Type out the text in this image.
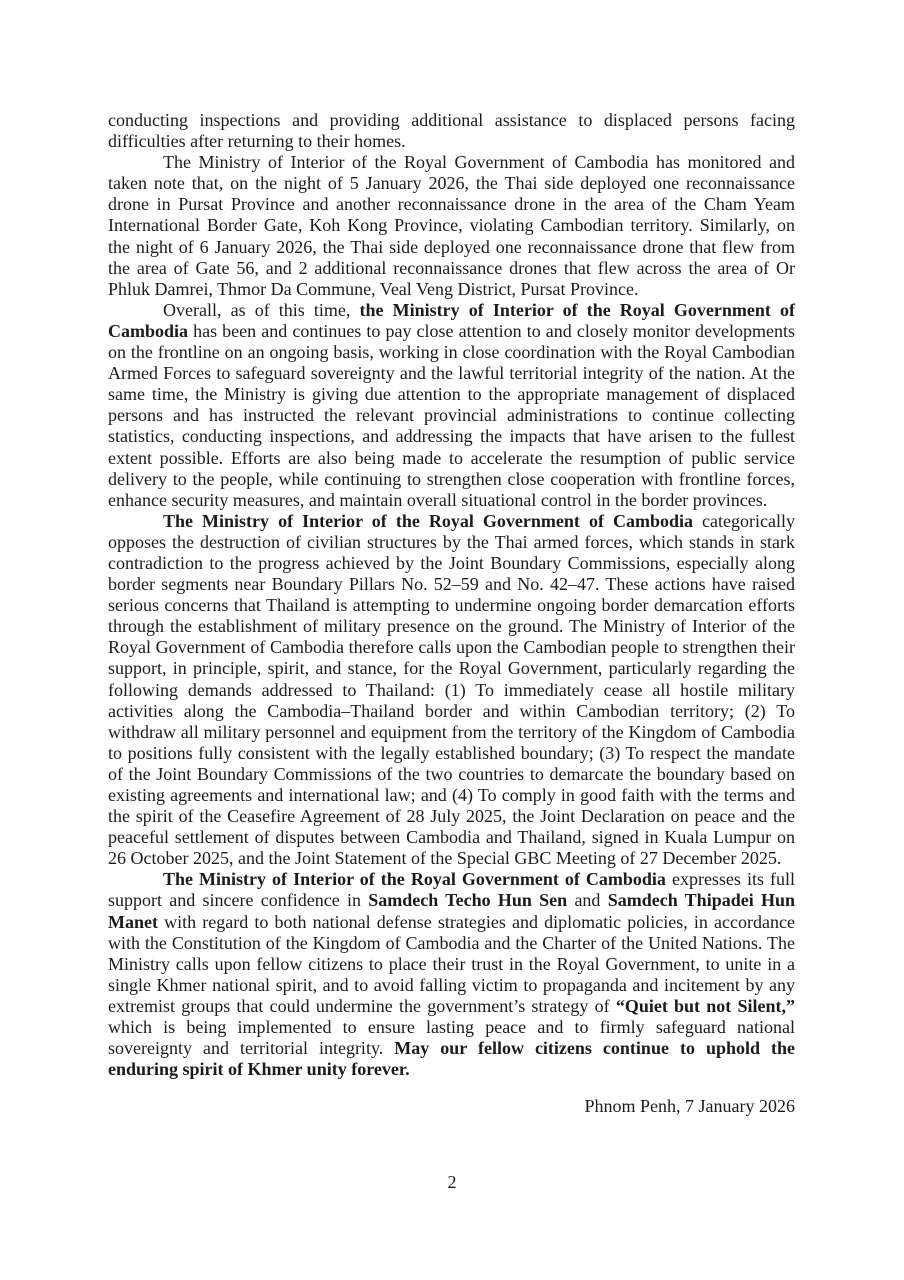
conducting inspections and providing additional assistance to displaced persons facing difficulties after returning to their homes.

The Ministry of Interior of the Royal Government of Cambodia has monitored and taken note that, on the night of 5 January 2026, the Thai side deployed one reconnaissance drone in Pursat Province and another reconnaissance drone in the area of the Cham Yeam International Border Gate, Koh Kong Province, violating Cambodian territory. Similarly, on the night of 6 January 2026, the Thai side deployed one reconnaissance drone that flew from the area of Gate 56, and 2 additional reconnaissance drones that flew across the area of Or Phluk Damrei, Thmor Da Commune, Veal Veng District, Pursat Province.

Overall, as of this time, the Ministry of Interior of the Royal Government of Cambodia has been and continues to pay close attention to and closely monitor developments on the frontline on an ongoing basis, working in close coordination with the Royal Cambodian Armed Forces to safeguard sovereignty and the lawful territorial integrity of the nation. At the same time, the Ministry is giving due attention to the appropriate management of displaced persons and has instructed the relevant provincial administrations to continue collecting statistics, conducting inspections, and addressing the impacts that have arisen to the fullest extent possible. Efforts are also being made to accelerate the resumption of public service delivery to the people, while continuing to strengthen close cooperation with frontline forces, enhance security measures, and maintain overall situational control in the border provinces.

The Ministry of Interior of the Royal Government of Cambodia categorically opposes the destruction of civilian structures by the Thai armed forces, which stands in stark contradiction to the progress achieved by the Joint Boundary Commissions, especially along border segments near Boundary Pillars No. 52–59 and No. 42–47. These actions have raised serious concerns that Thailand is attempting to undermine ongoing border demarcation efforts through the establishment of military presence on the ground. The Ministry of Interior of the Royal Government of Cambodia therefore calls upon the Cambodian people to strengthen their support, in principle, spirit, and stance, for the Royal Government, particularly regarding the following demands addressed to Thailand: (1) To immediately cease all hostile military activities along the Cambodia–Thailand border and within Cambodian territory; (2) To withdraw all military personnel and equipment from the territory of the Kingdom of Cambodia to positions fully consistent with the legally established boundary; (3) To respect the mandate of the Joint Boundary Commissions of the two countries to demarcate the boundary based on existing agreements and international law; and (4) To comply in good faith with the terms and the spirit of the Ceasefire Agreement of 28 July 2025, the Joint Declaration on peace and the peaceful settlement of disputes between Cambodia and Thailand, signed in Kuala Lumpur on 26 October 2025, and the Joint Statement of the Special GBC Meeting of 27 December 2025.

The Ministry of Interior of the Royal Government of Cambodia expresses its full support and sincere confidence in Samdech Techo Hun Sen and Samdech Thipadei Hun Manet with regard to both national defense strategies and diplomatic policies, in accordance with the Constitution of the Kingdom of Cambodia and the Charter of the United Nations. The Ministry calls upon fellow citizens to place their trust in the Royal Government, to unite in a single Khmer national spirit, and to avoid falling victim to propaganda and incitement by any extremist groups that could undermine the government’s strategy of “Quiet but not Silent,” which is being implemented to ensure lasting peace and to firmly safeguard national sovereignty and territorial integrity. May our fellow citizens continue to uphold the enduring spirit of Khmer unity forever.

Phnom Penh, 7 January 2026

2
